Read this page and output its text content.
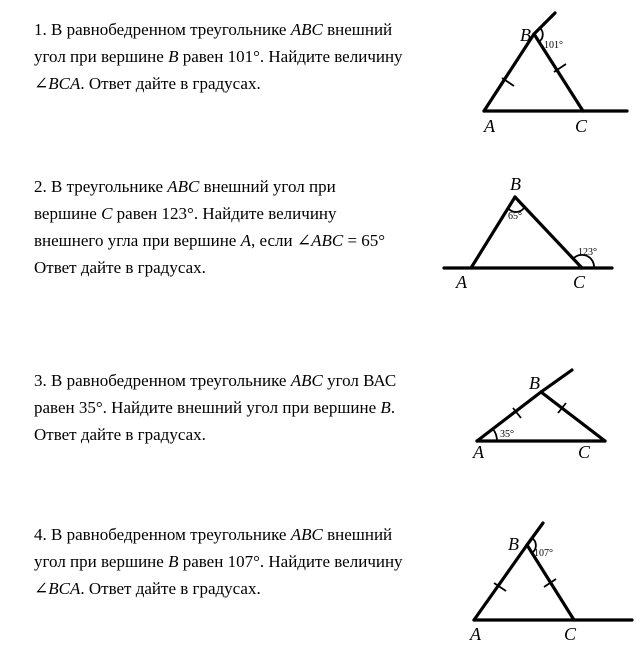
1. В равнобедренном треугольнике ABC внешний
угол при вершине B равен 101°. Найдите величину
∠BCA. Ответ дайте в градусах.
2. В треугольнике ABC внешний угол при
вершине C равен 123°. Найдите величину
внешнего угла при вершине A, если ∠ABC = 65°
Ответ дайте в градусах.
3. В равнобедренном треугольнике ABC угол ВАС
равен 35°. Найдите внешний угол при вершине B.
Ответ дайте в градусах.
4. В равнобедренном треугольнике ABC внешний
угол при вершине B равен 107°. Найдите величину
∠BCA. Ответ дайте в градусах.
101°
A
B
C
65°
123°
A
B
C
35°
A
B
C
107°
A
B
C
